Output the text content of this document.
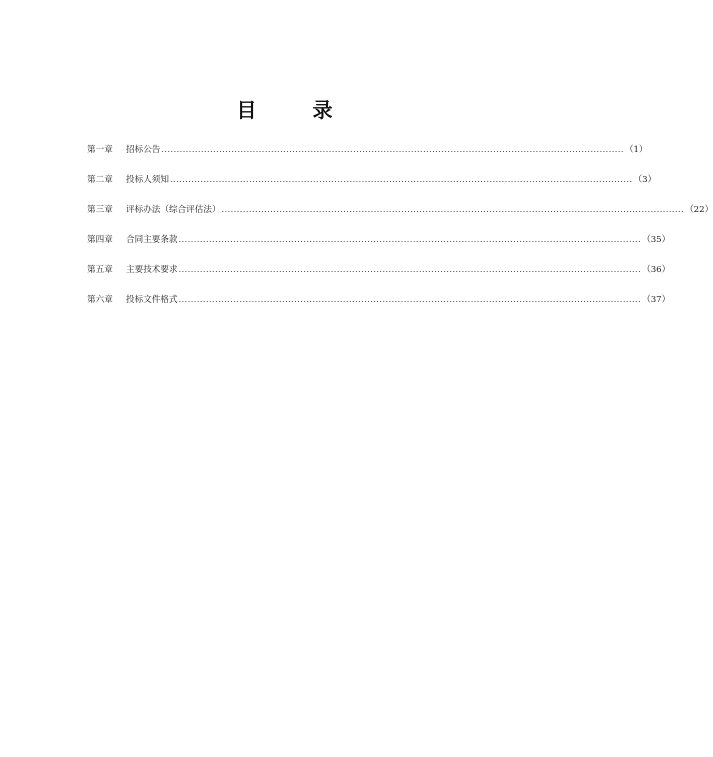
目　录
第一章	招标公告 ........................................................................................................................................................ （1）
第二章	投标人须知 ........................................................................................................................................................ （3）
第三章	评标办法（综合评估法） ........................................................................................................................................................ （22）
第四章	合同主要条款 ........................................................................................................................................................ （35）
第五章	主要技术要求 ........................................................................................................................................................ （36）
第六章	投标文件格式 ........................................................................................................................................................ （37）
